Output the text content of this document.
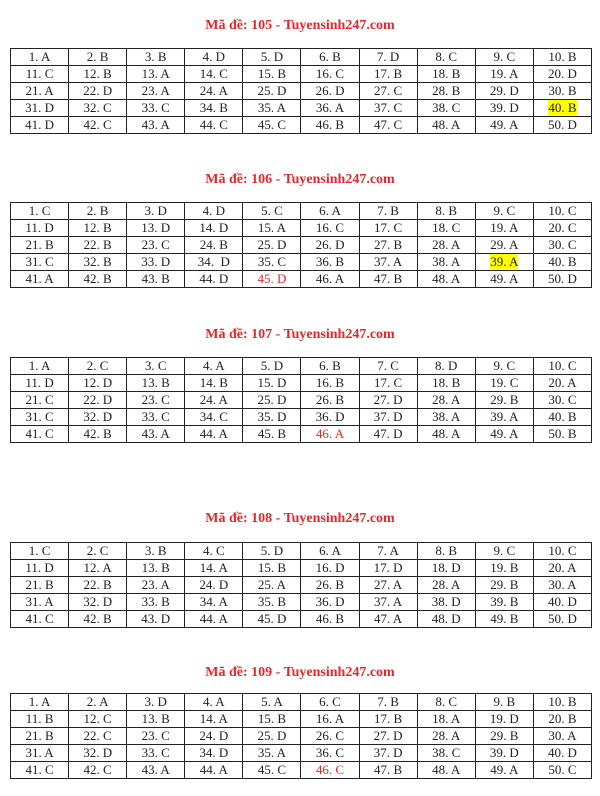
Mã đề: 105 - Tuyensinh247.com
1. A	2. B	3. B	4. D	5. D	6. B	7. D	8. C	9. C	10. B
11. C	12. B	13. A	14. C	15. B	16. C	17. B	18. B	19. A	20. D
21. A	22. D	23. A	24. A	25. D	26. D	27. C	28. B	29. D	30. B
31. D	32. C	33. C	34. B	35. A	36. A	37. C	38. C	39. D	40. B
41. D	42. C	43. A	44. C	45. C	46. B	47. C	48. A	49. A	50. D
Mã đề: 106 - Tuyensinh247.com
1. C	2. B	3. D	4. D	5. C	6. A	7. B	8. B	9. C	10. C
11. D	12. B	13. D	14. D	15. A	16. C	17. C	18. C	19. A	20. C
21. B	22. B	23. C	24. B	25. D	26. D	27. B	28. A	29. A	30. C
31. C	32. B	33. D	34.  D	35. C	36. B	37. A	38. A	39. A	40. B
41. A	42. B	43. B	44. D	45. D	46. A	47. B	48. A	49. A	50. D
Mã đề: 107 - Tuyensinh247.com
1. A	2. C	3. C	4. A	5. D	6. B	7. C	8. D	9. C	10. C
11. D	12. D	13. B	14. B	15. D	16. B	17. C	18. B	19. C	20. A
21. C	22. D	23. C	24. A	25. D	26. B	27. D	28. A	29. B	30. C
31. C	32. D	33. C	34. C	35. D	36. D	37. D	38. A	39. A	40. B
41. C	42. B	43. A	44. A	45. B	46. A	47. D	48. A	49. A	50. B
Mã đề: 108 - Tuyensinh247.com
1. C	2. C	3. B	4. C	5. D	6. A	7. A	8. B	9. C	10. C
11. D	12. A	13. B	14. A	15. B	16. D	17. D	18. D	19. B	20. A
21. B	22. B	23. A	24. D	25. A	26. B	27. A	28. A	29. B	30. A
31. A	32. D	33. B	34. A	35. B	36. D	37. A	38. D	39. B	40. D
41. C	42. B	43. D	44. A	45. D	46. B	47. A	48. D	49. B	50. D
Mã đề: 109 - Tuyensinh247.com
1. A	2. A	3. D	4. A	5. A	6. C	7. B	8. C	9. B	10. B
11. B	12. C	13. B	14. A	15. B	16. A	17. B	18. A	19. D	20. B
21. B	22. C	23. C	24. D	25. D	26. C	27. D	28. A	29. B	30. A
31. A	32. D	33. C	34. D	35. A	36. C	37. D	38. C	39. D	40. D
41. C	42. C	43. A	44. A	45. C	46. C	47. B	48. A	49. A	50. C
